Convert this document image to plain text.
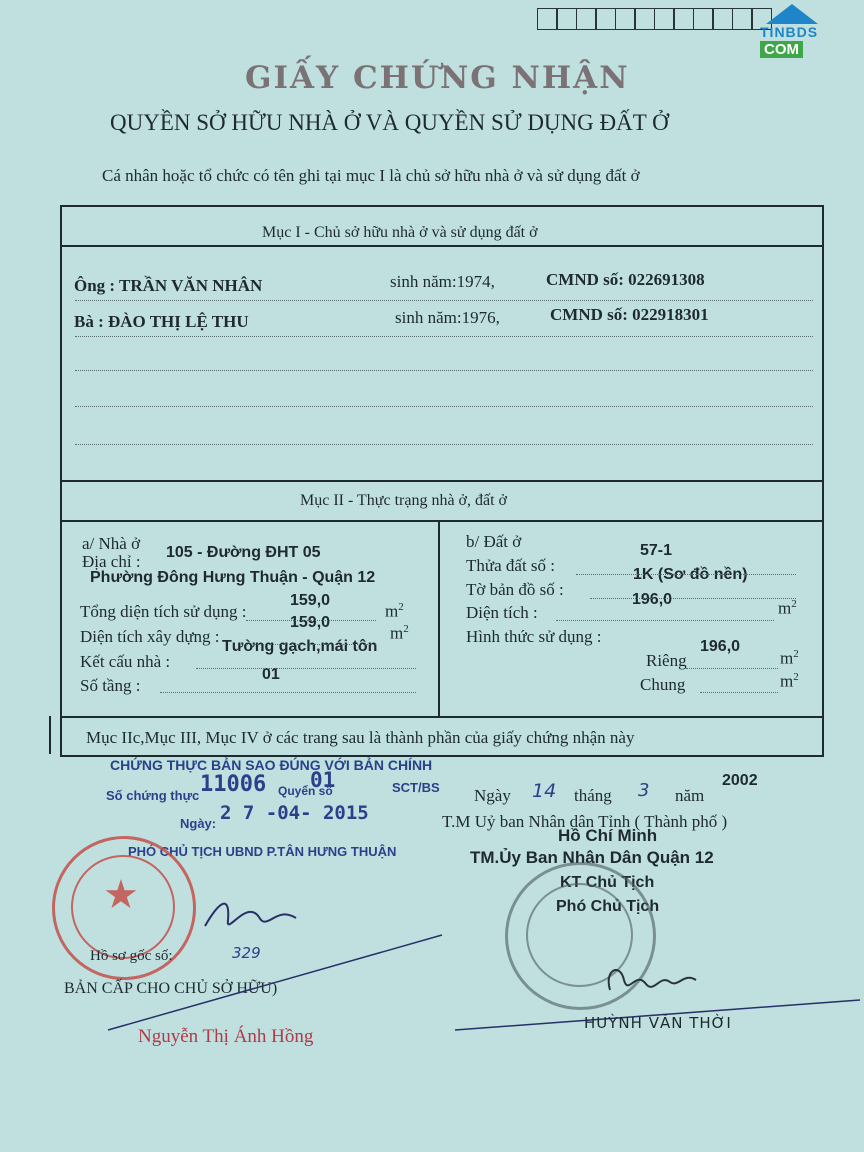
TINBDS
COM
GIẤY CHỨNG NHẬN
QUYỀN SỞ HỮU NHÀ Ở VÀ QUYỀN SỬ DỤNG ĐẤT Ở
Cá nhân hoặc tổ chức có tên ghi tại mục I là chủ sở hữu nhà ở và sử dụng đất ở
Mục I - Chủ sở hữu nhà ở và sử dụng đất ở
Ông : TRẦN VĂN NHÂN	sinh năm:1974,	CMND số: 022691308
Bà : ĐÀO THỊ LỆ THU	sinh năm:1976,	CMND số: 022918301
Mục II - Thực trạng nhà ở, đất ở
a/ Nhà ở
Địa chỉ : 105 - Đường ĐHT 05
Phường Đông Hưng Thuận - Quận 12
Tổng diện tích sử dụng :
159,0
$m^2$
Diện tích xây dựng :
159,0
$m^2$
Kết cấu nhà :
Tường gạch,mái tôn
Số tầng :
01
b/ Đất ở
Thửa đất số :
57-1
Tờ bản đồ số :
1K (Sơ đồ nền)
Diện tích :
196,0	$m^2$
Hình thức sử dụng :
Riêng
196,0
$m^2$
Chung	$m^2$
Mục IIc,Mục III, Mục IV ở các trang sau là thành phần của giấy chứng nhận này
CHỨNG THỰC BẢN SAO ĐÚNG VỚI BẢN CHÍNH
Số chứng thực 11006 Quyển số
01	SCT/BS
Ngày: 2 7 -04- 2015
PHÓ CHỦ TỊCH UBND P.TÂN HƯNG THUẬN
★
Hồ sơ gốc số:	329
BẢN CẤP CHO CHỦ SỞ HỮU)
Nguyễn Thị Ánh Hồng
Ngày 14 tháng 3 năm
2002
T.M Uỷ ban Nhân dân Tỉnh ( Thành phố )
Hồ Chí Minh
TM.Ủy Ban Nhân Dân Quận 12
KT Chủ Tịch
Phó Chủ Tịch
HUỲNH VĂN THỜI
